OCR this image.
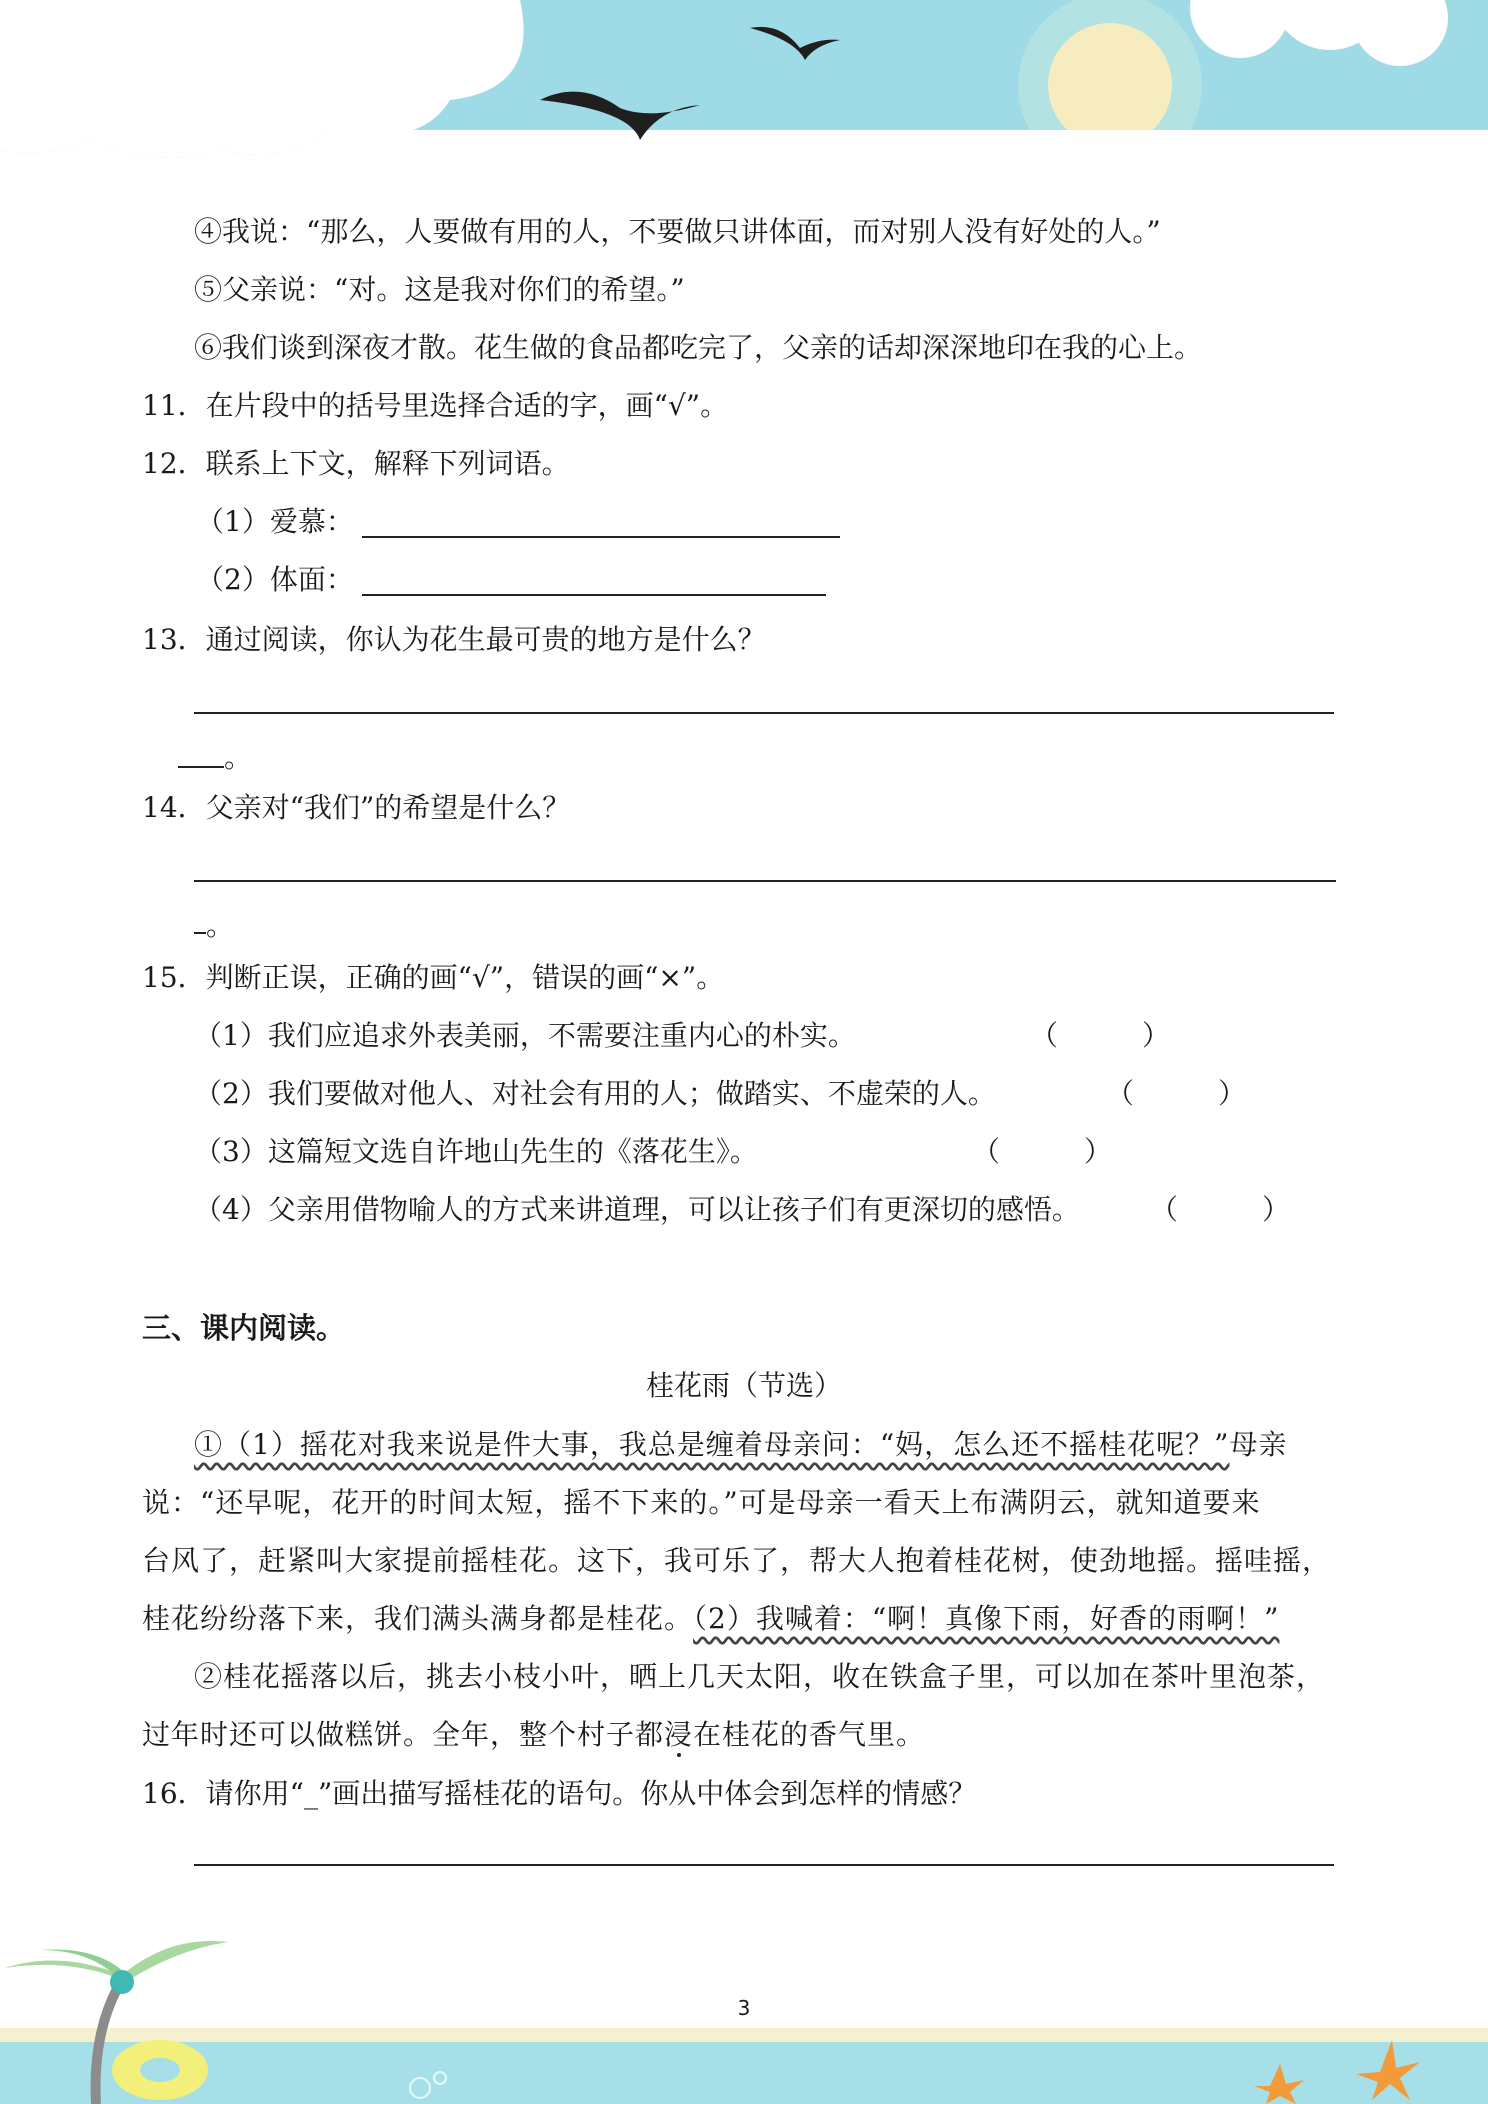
④我说：“那么，人要做有用的人，不要做只讲体面，而对别人没有好处的人。”
⑤父亲说：“对。这是我对你们的希望。”
⑥我们谈到深夜才散。花生做的食品都吃完了，父亲的话却深深地印在我的心上。
11．在片段中的括号里选择合适的字，画“√”。
12．联系上下文，解释下列词语。
（1）爱慕：
（2）体面：
13．通过阅读，你认为花生最可贵的地方是什么？
。
14．父亲对“我们”的希望是什么？
。
15．判断正误，正确的画“√”，错误的画“×”。
（1）我们应追求外表美丽，不需要注重内心的朴实。	（　　　）
（2）我们要做对他人、对社会有用的人；做踏实、不虚荣的人。	（　　　）
（3）这篇短文选自许地山先生的《落花生》。	（　　　）
（4）父亲用借物喻人的方式来讲道理，可以让孩子们有更深切的感悟。	（　　　）
三、课内阅读。
桂花雨（节选）
①（1）摇花对我来说是件大事，我总是缠着母亲问：“妈，怎么还不摇桂花呢？”母亲
说：“还早呢，花开的时间太短，摇不下来的。”可是母亲一看天上布满阴云，就知道要来
台风了，赶紧叫大家提前摇桂花。这下，我可乐了，帮大人抱着桂花树，使劲地摇。摇哇摇，
桂花纷纷落下来，我们满头满身都是桂花。（2）我喊着：“啊！真像下雨，好香的雨啊！”
②桂花摇落以后，挑去小枝小叶，晒上几天太阳，收在铁盒子里，可以加在茶叶里泡茶，
过年时还可以做糕饼。全年，整个村子都浸在桂花的香气里。
16．请你用“_”画出描写摇桂花的语句。你从中体会到怎样的情感？
3
